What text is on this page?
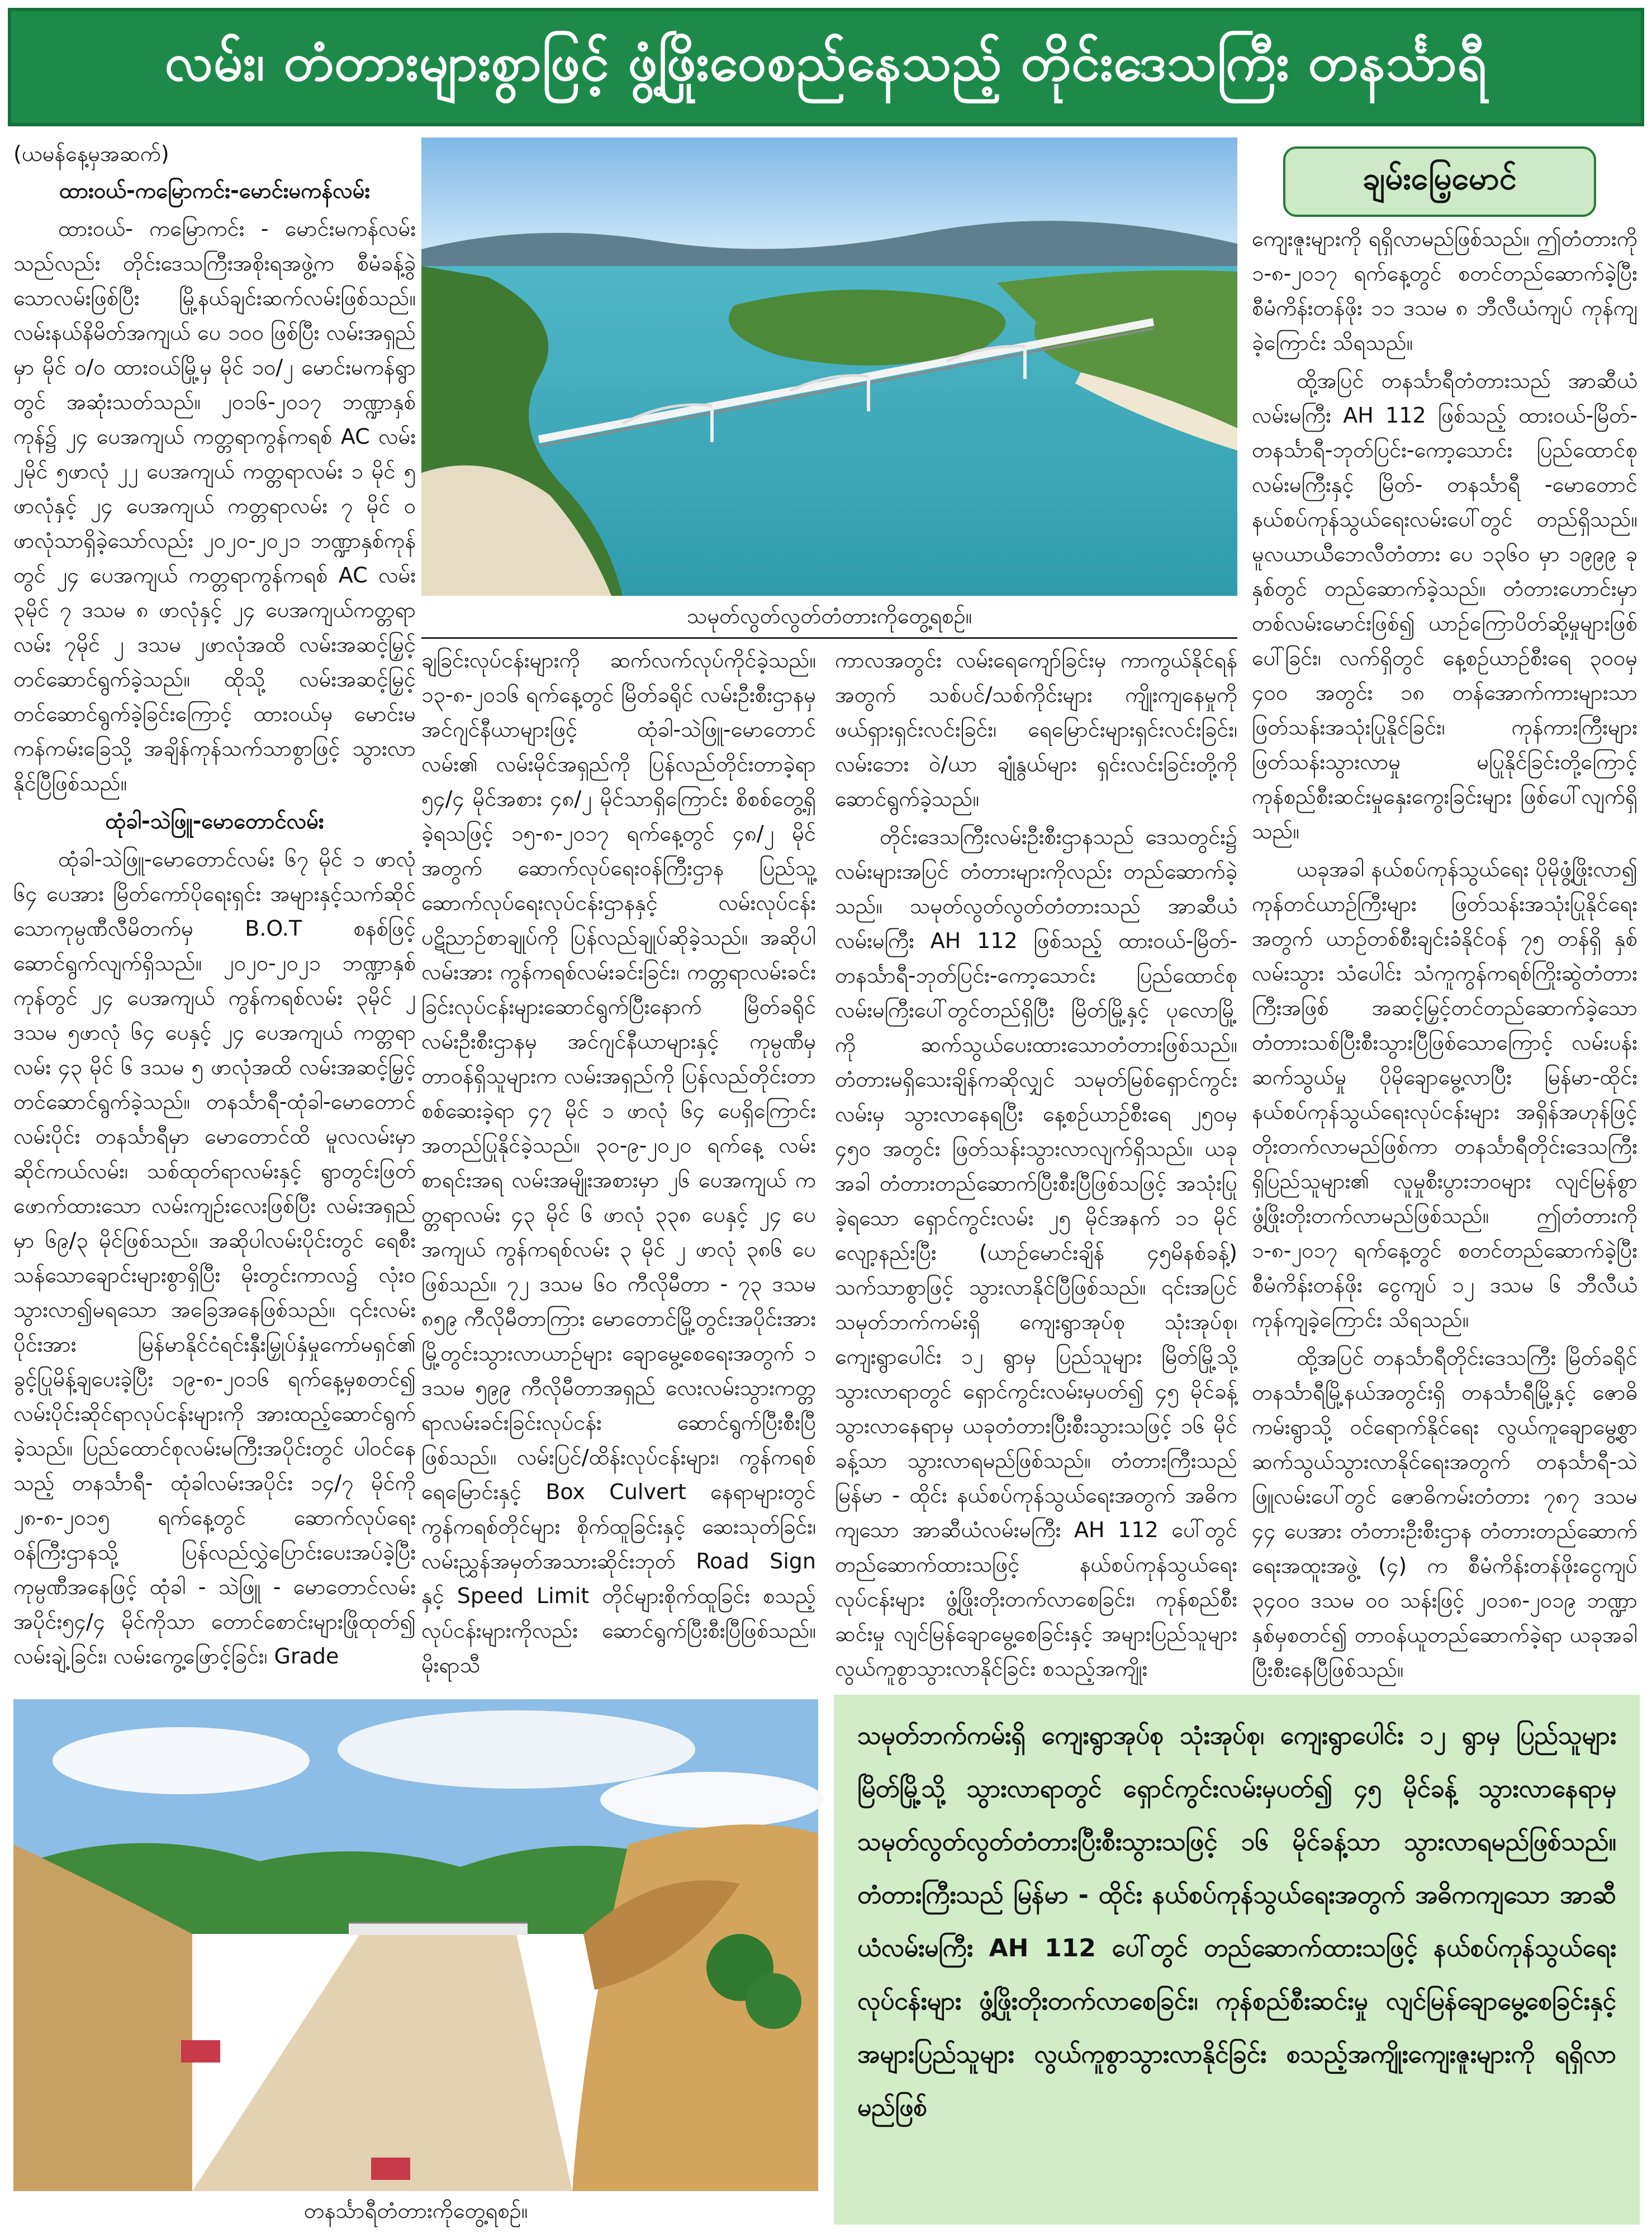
လမ်း၊ တံတားများစွာဖြင့် ဖွံ့ဖြိုးဝေစည်နေသည့် တိုင်းဒေသကြီး တနင်္သာရီ

(ယမန်နေ့မှအဆက်)

ထားဝယ်-ကမြောကင်း-မောင်းမကန်လမ်း

ထားဝယ်- ကမြောကင်း - မောင်းမကန်လမ်းသည်လည်း တိုင်းဒေသကြီးအစိုးရအဖွဲ့က စီမံခန့်ခွဲသောလမ်းဖြစ်ပြီး မြို့နယ်ချင်းဆက်လမ်းဖြစ်သည်။ လမ်းနယ်နိမိတ်အကျယ် ပေ ၁၀၀ ဖြစ်ပြီး လမ်းအရှည်မှာ မိုင် ၀/၀ ထားဝယ်မြို့မှ မိုင် ၁၀/၂ မောင်းမကန်ရွာတွင် အဆုံးသတ်သည်။ ၂၀၁၆-၂၀၁၇ ဘဏ္ဍာနှစ်ကုန်၌ ၂၄ ပေအကျယ် ကတ္တရာကွန်ကရစ် AC လမ်း ၂မိုင် ၅ဖာလုံ ၂၂ ပေအကျယ် ကတ္တရာလမ်း ၁ မိုင် ၅ ဖာလုံနှင့် ၂၄ ပေအကျယ် ကတ္တရာလမ်း ၇ မိုင် ၀ ဖာလုံသာရှိခဲ့သော်လည်း ၂၀၂၀-၂၀၂၁ ဘဏ္ဍာနှစ်ကုန်တွင် ၂၄ ပေအကျယ် ကတ္တရာကွန်ကရစ် AC လမ်း ၃မိုင် ၇ ဒသမ ၈ ဖာလုံနှင့် ၂၄ ပေအကျယ်ကတ္တရာလမ်း ၇မိုင် ၂ ဒသမ ၂ဖာလုံအထိ လမ်းအဆင့်မြှင့်တင်ဆောင်ရွက်ခဲ့သည်။ ထိုသို့ လမ်းအဆင့်မြှင့်တင်ဆောင်ရွက်ခဲ့ခြင်းကြောင့် ထားဝယ်မှ မောင်းမကန်ကမ်းခြေသို့ အချိန်ကုန်သက်သာစွာဖြင့် သွားလာနိုင်ပြီဖြစ်သည်။

ထုံခါ-သဲဖြူ-မောတောင်လမ်း

ထုံခါ-သဲဖြူ-မောတောင်လမ်း ၆၇ မိုင် ၁ ဖာလုံ ၆၄ ပေအား မြိတ်ကော်ပိုရေးရှင်း အများနှင့်သက်ဆိုင်သောကုမ္ပဏီလီမိတက်မှ B.O.T စနစ်ဖြင့် ဆောင်ရွက်လျက်ရှိသည်။ ၂၀၂၀-၂၀၂၁ ဘဏ္ဍာနှစ်ကုန်တွင် ၂၄ ပေအကျယ် ကွန်ကရစ်လမ်း ၃မိုင် ၂ ဒသမ ၅ဖာလုံ ၆၄ ပေနှင့် ၂၄ ပေအကျယ် ကတ္တရာလမ်း ၄၃ မိုင် ၆ ဒသမ ၅ ဖာလုံအထိ လမ်းအဆင့်မြှင့်တင်ဆောင်ရွက်ခဲ့သည်။ တနင်္သာရီ-ထုံခါ-မောတောင်လမ်းပိုင်း တနင်္သာရီမှာ မောတောင်ထိ မူလလမ်းမှာ ဆိုင်ကယ်လမ်း၊ သစ်ထုတ်ရာလမ်းနှင့် ရွာတွင်းဖြတ်ဖောက်ထားသော လမ်းကျဉ်းလေးဖြစ်ပြီး လမ်းအရှည်မှာ ၆၉/၃ မိုင်ဖြစ်သည်။ အဆိုပါလမ်းပိုင်းတွင် ရေစီးသန်သောချောင်းများစွာရှိပြီး မိုးတွင်းကာလ၌ လုံးဝသွားလာ၍မရသော အခြေအနေဖြစ်သည်။ ၎င်းလမ်းပိုင်းအား မြန်မာနိုင်ငံရင်းနှီးမြှုပ်နှံမှုကော်မရှင်၏ ခွင့်ပြုမိန့်ချပေးခဲ့ပြီး ၁၉-၈-၂၀၁၆ ရက်နေ့မှစတင်၍ လမ်းပိုင်းဆိုင်ရာလုပ်ငန်းများကို အားထည့်ဆောင်ရွက်ခဲ့သည်။ ပြည်ထောင်စုလမ်းမကြီးအပိုင်းတွင် ပါဝင်နေသည့် တနင်္သာရီ- ထုံခါလမ်းအပိုင်း ၁၄/၇ မိုင်ကို ၂၈-၈-၂၀၁၅ ရက်နေ့တွင် ဆောက်လုပ်ရေးဝန်ကြီးဌာနသို့ ပြန်လည်လွှဲပြောင်းပေးအပ်ခဲ့ပြီး ကုမ္ပဏီအနေဖြင့် ထုံခါ - သဲဖြူ - မောတောင်လမ်းအပိုင်း၅၄/၄ မိုင်ကိုသာ တောင်စောင်းများဖြိုထုတ်၍ လမ်းချဲ့ခြင်း၊ လမ်းကွေ့ဖြောင့်ခြင်း၊ Grade

သမုတ်လွတ်လွတ်တံတားကိုတွေ့ရစဉ်။

ချခြင်းလုပ်ငန်းများကို ဆက်လက်လုပ်ကိုင်ခဲ့သည်။ ၁၃-၈-၂၀၁၆ ရက်နေ့တွင် မြိတ်ခရိုင် လမ်းဦးစီးဌာနမှ အင်ဂျင်နီယာများဖြင့် ထုံခါ-သဲဖြူ-မောတောင်လမ်း၏ လမ်းမိုင်အရှည်ကို ပြန်လည်တိုင်းတာခဲ့ရာ ၅၄/၄ မိုင်အစား ၄၈/၂ မိုင်သာရှိကြောင်း စိစစ်တွေ့ရှိခဲ့ရသဖြင့် ၁၅-၈-၂၀၁၇ ရက်နေ့တွင် ၄၈/၂ မိုင်အတွက် ဆောက်လုပ်ရေးဝန်ကြီးဌာန ပြည်သူ့ဆောက်လုပ်ရေးလုပ်ငန်းဌာနနှင့် လမ်းလုပ်ငန်း ပဋိညာဉ်စာချုပ်ကို ပြန်လည်ချုပ်ဆိုခဲ့သည်။ အဆိုပါလမ်းအား ကွန်ကရစ်လမ်းခင်းခြင်း၊ ကတ္တရာလမ်းခင်းခြင်းလုပ်ငန်းများဆောင်ရွက်ပြီးနောက် မြိတ်ခရိုင် လမ်းဦးစီးဌာနမှ အင်ဂျင်နီယာများနှင့် ကုမ္ပဏီမှ တာဝန်ရှိသူများက လမ်းအရှည်ကို ပြန်လည်တိုင်းတာစစ်ဆေးခဲ့ရာ ၄၇ မိုင် ၁ ဖာလုံ ၆၄ ပေရှိကြောင်း အတည်ပြုနိုင်ခဲ့သည်။ ၃၀-၉-၂၀၂၀ ရက်နေ့ လမ်းစာရင်းအရ လမ်းအမျိုးအစားမှာ ၂၆ ပေအကျယ် ကတ္တရာလမ်း ၄၃ မိုင် ၆ ဖာလုံ ၃၃၈ ပေနှင့် ၂၄ ပေအကျယ် ကွန်ကရစ်လမ်း ၃ မိုင် ၂ ဖာလုံ ၃၈၆ ပေဖြစ်သည်။ ၇၂ ဒသမ ၆၀ ကီလိုမီတာ - ၇၃ ဒသမ ၈၅၉ ကီလိုမီတာကြား မောတောင်မြို့တွင်းအပိုင်းအား မြို့တွင်းသွားလာယာဉ်များ ချောမွေ့စေရေးအတွက် ၁ ဒသမ ၅၉၉ ကီလိုမီတာအရှည် လေးလမ်းသွားကတ္တရာလမ်းခင်းခြင်းလုပ်ငန်း ဆောင်ရွက်ပြီးစီးပြီဖြစ်သည်။ လမ်းပြင်/ထိန်းလုပ်ငန်းများ၊ ကွန်ကရစ်ရေမြောင်းနှင့် Box Culvert နေရာများတွင် ကွန်ကရစ်တိုင်များ စိုက်ထူခြင်းနှင့် ဆေးသုတ်ခြင်း၊ လမ်းညွှန်အမှတ်အသားဆိုင်းဘုတ် Road Sign နှင့် Speed Limit တိုင်များစိုက်ထူခြင်း စသည့်လုပ်ငန်းများကိုလည်း ဆောင်ရွက်ပြီးစီးပြီဖြစ်သည်။ မိုးရာသီ

ကာလအတွင်း လမ်းရေကျော်ခြင်းမှ ကာကွယ်နိုင်ရန်အတွက် သစ်ပင်/သစ်ကိုင်းများ ကျိုးကျနေမှုကိုဖယ်ရှားရှင်းလင်းခြင်း၊ ရေမြောင်းများရှင်းလင်းခြင်း၊ လမ်းဘေး ဝဲ/ယာ ချုံနွယ်များ ရှင်းလင်းခြင်းတို့ကို ဆောင်ရွက်ခဲ့သည်။

တိုင်းဒေသကြီးလမ်းဦးစီးဌာနသည် ဒေသတွင်း၌ လမ်းများအပြင် တံတားများကိုလည်း တည်ဆောက်ခဲ့သည်။ သမုတ်လွတ်လွတ်တံတားသည် အာဆီယံလမ်းမကြီး AH 112 ဖြစ်သည့် ထားဝယ်-မြိတ်-တနင်္သာရီ-ဘုတ်ပြင်း-ကော့သောင်း ပြည်ထောင်စုလမ်းမကြီးပေါ်တွင်တည်ရှိပြီး မြိတ်မြို့နှင့် ပုလောမြို့ကို ဆက်သွယ်ပေးထားသောတံတားဖြစ်သည်။ တံတားမရှိသေးချိန်ကဆိုလျှင် သမုတ်မြစ်ရှောင်ကွင်းလမ်းမှ သွားလာနေရပြီး နေ့စဉ်ယာဉ်စီးရေ ၂၅၀မှ ၄၅၀ အတွင်း ဖြတ်သန်းသွားလာလျက်ရှိသည်။ ယခုအခါ တံတားတည်ဆောက်ပြီးစီးပြီဖြစ်သဖြင့် အသုံးပြုခဲ့ရသော ရှောင်ကွင်းလမ်း ၂၅ မိုင်အနက် ၁၁ မိုင်လျော့နည်းပြီး (ယာဉ်မောင်းချိန် ၄၅မိနစ်ခန့်) သက်သာစွာဖြင့် သွားလာနိုင်ပြီဖြစ်သည်။ ၎င်းအပြင် သမုတ်ဘက်ကမ်းရှိ ကျေးရွာအုပ်စု သုံးအုပ်စု၊ ကျေးရွာပေါင်း ၁၂ ရွာမှ ပြည်သူများ မြိတ်မြို့သို့ သွားလာရာတွင် ရှောင်ကွင်းလမ်းမှပတ်၍ ၄၅ မိုင်ခန့် သွားလာနေရာမှ ယခုတံတားပြီးစီးသွားသဖြင့် ၁၆ မိုင်ခန့်သာ သွားလာရမည်ဖြစ်သည်။ တံတားကြီးသည် မြန်မာ - ထိုင်း နယ်စပ်ကုန်သွယ်ရေးအတွက် အဓိကကျသော အာဆီယံလမ်းမကြီး AH 112 ပေါ်တွင် တည်ဆောက်ထားသဖြင့် နယ်စပ်ကုန်သွယ်ရေးလုပ်ငန်းများ ဖွံ့ဖြိုးတိုးတက်လာစေခြင်း၊ ကုန်စည်စီးဆင်းမှု လျင်မြန်ချောမွေ့စေခြင်းနှင့် အများပြည်သူများ လွယ်ကူစွာသွားလာနိုင်ခြင်း စသည့်အကျိုး

ချမ်းမြေ့မောင်

ကျေးဇူးများကို ရရှိလာမည်ဖြစ်သည်။ ဤတံတားကို ၁-၈-၂၀၁၇ ရက်နေ့တွင် စတင်တည်ဆောက်ခဲ့ပြီး စီမံကိန်းတန်ဖိုး ၁၁ ဒသမ ၈ ဘီလီယံကျပ် ကုန်ကျခဲ့ကြောင်း သိရသည်။

ထို့အပြင် တနင်္သာရီတံတားသည် အာဆီယံလမ်းမကြီး AH 112 ဖြစ်သည့် ထားဝယ်-မြိတ်-တနင်္သာရီ-ဘုတ်ပြင်း-ကော့သောင်း ပြည်ထောင်စုလမ်းမကြီးနှင့် မြိတ်- တနင်္သာရီ -မောတောင် နယ်စပ်ကုန်သွယ်ရေးလမ်းပေါ်တွင် တည်ရှိသည်။ မူလယာယီဘေလီတံတား ပေ ၁၃၆၀ မှာ ၁၉၉၉ ခုနှစ်တွင် တည်ဆောက်ခဲ့သည်။ တံတားဟောင်းမှာ တစ်လမ်းမောင်းဖြစ်၍ ယာဉ်ကြောပိတ်ဆို့မှုများဖြစ်ပေါ်ခြင်း၊ လက်ရှိတွင် နေ့စဉ်ယာဉ်စီးရေ ၃၀၀မှ ၄၀၀ အတွင်း ၁၈ တန်အောက်ကားများသာဖြတ်သန်းအသုံးပြုနိုင်ခြင်း၊ ကုန်ကားကြီးများဖြတ်သန်းသွားလာမှု မပြုနိုင်ခြင်းတို့ကြောင့် ကုန်စည်စီးဆင်းမှုနှေးကွေးခြင်းများ ဖြစ်ပေါ်လျက်ရှိသည်။

ယခုအခါ နယ်စပ်ကုန်သွယ်ရေး ပိုမိုဖွံ့ဖြိုးလာ၍ ကုန်တင်ယာဉ်ကြီးများ ဖြတ်သန်းအသုံးပြုနိုင်ရေးအတွက် ယာဉ်တစ်စီးချင်းခံနိုင်ဝန် ၇၅ တန်ရှိ နှစ်လမ်းသွား သံပေါင်း သံကူကွန်ကရစ်ကြိုးဆွဲတံတားကြီးအဖြစ် အဆင့်မြှင့်တင်တည်ဆောက်ခဲ့သော တံတားသစ်ပြီးစီးသွားပြီဖြစ်သောကြောင့် လမ်းပန်းဆက်သွယ်မှု ပိုမိုချောမွေ့လာပြီး မြန်မာ-ထိုင်း နယ်စပ်ကုန်သွယ်ရေးလုပ်ငန်းများ အရှိန်အဟုန်ဖြင့် တိုးတက်လာမည်ဖြစ်ကာ တနင်္သာရီတိုင်းဒေသကြီးရှိပြည်သူများ၏ လူမှုစီးပွားဘဝများ လျင်မြန်စွာ ဖွံ့ဖြိုးတိုးတက်လာမည်ဖြစ်သည်။ ဤတံတားကို ၁-၈-၂၀၁၇ ရက်နေ့တွင် စတင်တည်ဆောက်ခဲ့ပြီး စီမံကိန်းတန်ဖိုး ငွေကျပ် ၁၂ ဒသမ ၆ ဘီလီယံ ကုန်ကျခဲ့ကြောင်း သိရသည်။

ထို့အပြင် တနင်္သာရီတိုင်းဒေသကြီး မြိတ်ခရိုင် တနင်္သာရီမြို့နယ်အတွင်းရှိ တနင်္သာရီမြို့နှင့် ဇောဓိကမ်းရွာသို့ ဝင်ရောက်နိုင်ရေး လွယ်ကူချောမွေ့စွာ ဆက်သွယ်သွားလာနိုင်ရေးအတွက် တနင်္သာရီ-သဲဖြူလမ်းပေါ်တွင် ဇောဓိကမ်းတံတား ၇၈၇ ဒသမ ၄၄ ပေအား တံတားဦးစီးဌာန တံတားတည်ဆောက်ရေးအထူးအဖွဲ့ (၄) က စီမံကိန်းတန်ဖိုးငွေကျပ် ၃၄၀၀ ဒသမ ၀၀ သန်းဖြင့် ၂၀၁၈-၂၀၁၉ ဘဏ္ဍာနှစ်မှစတင်၍ တာဝန်ယူတည်ဆောက်ခဲ့ရာ ယခုအခါပြီးစီးနေပြီဖြစ်သည်။

တနင်္သာရီတံတားကိုတွေ့ရစဉ်။
သမုတ်ဘက်ကမ်းရှိ ကျေးရွာအုပ်စု သုံးအုပ်စု၊ ကျေးရွာပေါင်း ၁၂ ရွာမှ ပြည်သူများ မြိတ်မြို့သို့ သွားလာရာတွင် ရှောင်ကွင်းလမ်းမှပတ်၍ ၄၅ မိုင်ခန့် သွားလာနေရာမှ သမုတ်လွတ်လွတ်တံတားပြီးစီးသွားသဖြင့် ၁၆ မိုင်ခန့်သာ သွားလာရမည်ဖြစ်သည်။ တံတားကြီးသည် မြန်မာ - ထိုင်း နယ်စပ်ကုန်သွယ်ရေးအတွက် အဓိကကျသော အာဆီယံလမ်းမကြီး AH 112 ပေါ်တွင် တည်ဆောက်ထားသဖြင့် နယ်စပ်ကုန်သွယ်ရေးလုပ်ငန်းများ ဖွံ့ဖြိုးတိုးတက်လာစေခြင်း၊ ကုန်စည်စီးဆင်းမှု လျင်မြန်ချောမွေ့စေခြင်းနှင့် အများပြည်သူများ လွယ်ကူစွာသွားလာနိုင်ခြင်း စသည့်အကျိုးကျေးဇူးများကို ရရှိလာမည်ဖြစ်
